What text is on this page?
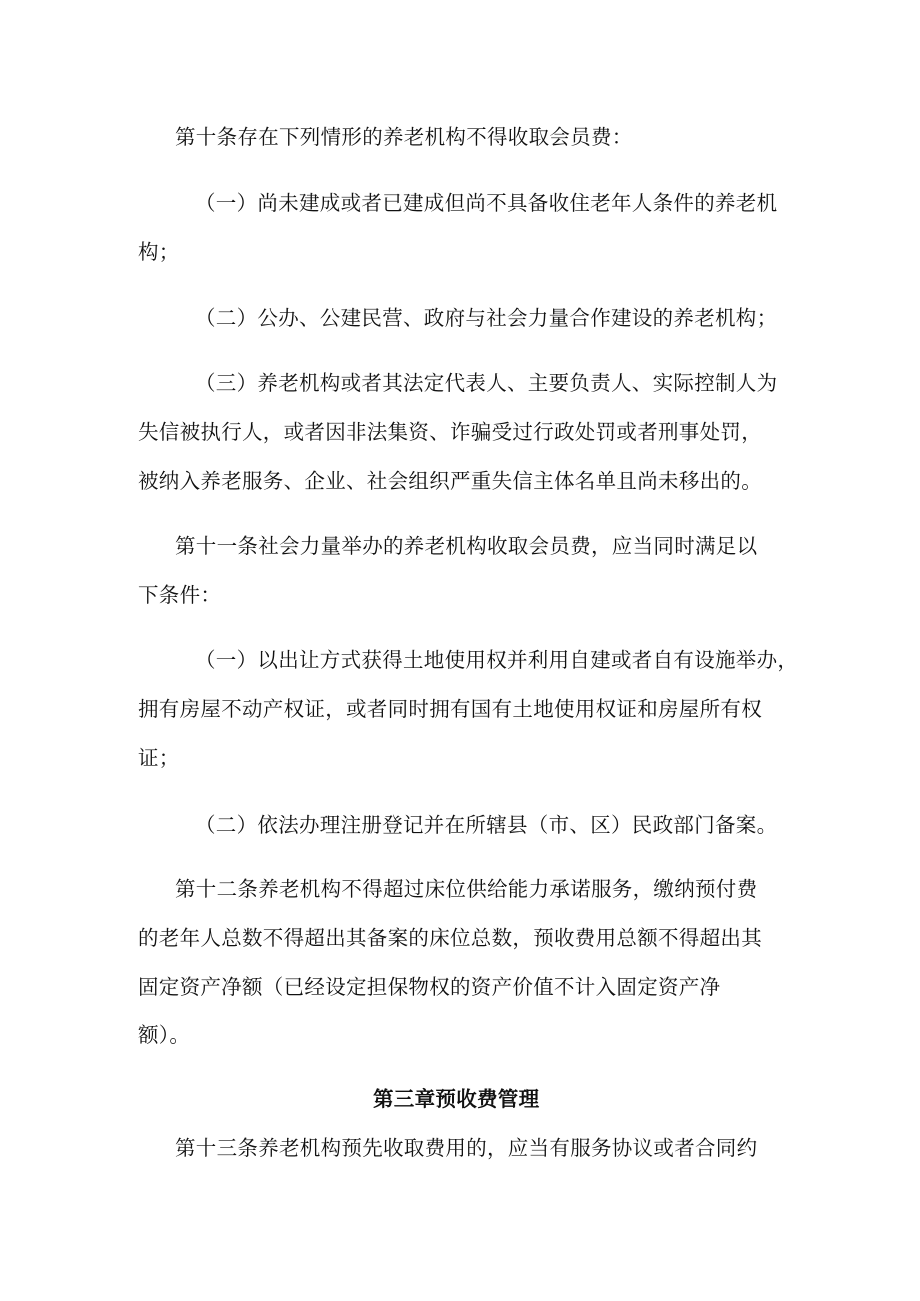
第十条存在下列情形的养老机构不得收取会员费：
（一）尚未建成或者已建成但尚不具备收住老年人条件的养老机
构；
（二）公办、公建民营、政府与社会力量合作建设的养老机构；
（三）养老机构或者其法定代表人、主要负责人、实际控制人为
失信被执行人，或者因非法集资、诈骗受过行政处罚或者刑事处罚，
被纳入养老服务、企业、社会组织严重失信主体名单且尚未移出的。
第十一条社会力量举办的养老机构收取会员费，应当同时满足以
下条件：
（一）以出让方式获得土地使用权并利用自建或者自有设施举办，
拥有房屋不动产权证，或者同时拥有国有土地使用权证和房屋所有权
证；
（二）依法办理注册登记并在所辖县（市、区）民政部门备案。
第十二条养老机构不得超过床位供给能力承诺服务，缴纳预付费
的老年人总数不得超出其备案的床位总数，预收费用总额不得超出其
固定资产净额（已经设定担保物权的资产价值不计入固定资产净
额）。
第三章预收费管理
第十三条养老机构预先收取费用的，应当有服务协议或者合同约
